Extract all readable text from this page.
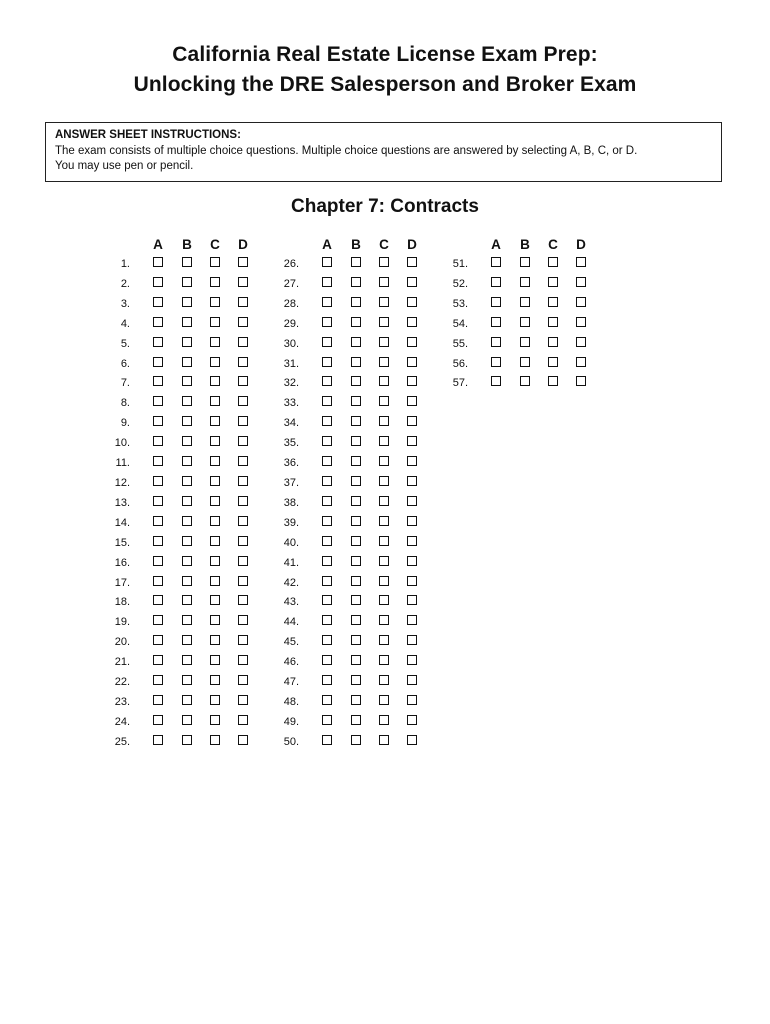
California Real Estate License Exam Prep:
Unlocking the DRE Salesperson and Broker Exam
ANSWER SHEET INSTRUCTIONS:
The exam consists of multiple choice questions. Multiple choice questions are answered by selecting A, B, C, or D.
You may use pen or pencil.
Chapter 7: Contracts
A B C D
1.
2.
3.
4.
5.
6.
7.
8.
9.
10.
11.
12.
13.
14.
15.
16.
17.
18.
19.
20.
21.
22.
23.
24.
25.
A B C D
26.
27.
28.
29.
30.
31.
32.
33.
34.
35.
36.
37.
38.
39.
40.
41.
42.
43.
44.
45.
46.
47.
48.
49.
50.
A B C D
51.
52.
53.
54.
55.
56.
57.
